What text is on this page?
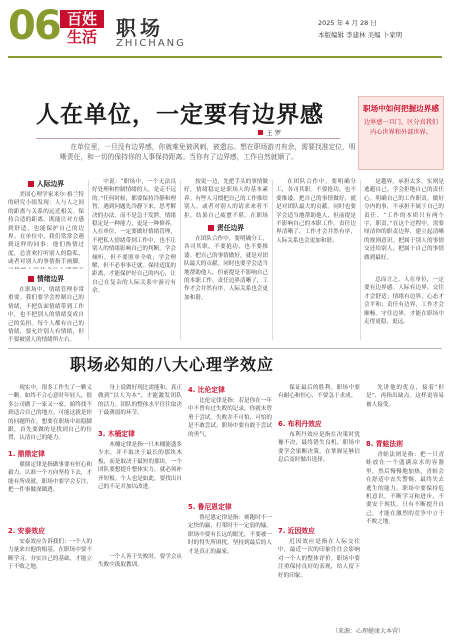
06 百姓
生活 职场
ZHICHANG
2025 年 4 月 28 日
本版编辑 李建林 美编 卜家明
人在单位，一定要有边界感
王 罗
在单位里，一旦没有边界感，你就难免被讽刺，被遗忘。想在职场游刃有余，需要找准定位，明晰责任，和一切的保持你的人事保持距离。当你有了边界感，工作自然就顺了。
职场中如何把握边界感
边界感一旦门，区分真我们内心世界和外部世界。
人际边界

美国心理学家米尔·格兰特的研究小组发现：人与人之间的距离与关系的远近相关。保持合适的距离，既能让对方感到舒适，也能保护自己的边界。在单位中，我们常常会遇到这样的同事：他们热情过度，总喜欢打听别人的隐私，或者对别人的事情指手画脚。

情绪边界

在职场中，情绪管理非常重要。我们要学会控制自己的情绪，不把负面情绪带到工作中，也不把别人的情绪变成自己的负担。每个人都有自己的情绪，要允许别人有情绪，但不要被别人的情绪所左右。

中说：“职场中，一个无法良好处理和控制情绪的人，是走不远的。”任何时候，都要保持冷静和理智，遇到问题先冷静下来，思考解决的办法，而不是急于发泄。情绪稳定是一种能力，更是一种修养。人在单位，一定要做好情绪管理，不把私人情绪带到工作中，也不让别人的情绪影响自己的判断。学会倾听，但不要照单全收；学会理解，但不必事事迁就。保持适度的距离，才能保护好自己的内心，让自己在复杂的人际关系中游刃有余。

按说一边，先把手头的事情做好，情绪稳定是职场人的基本素养。有些人习惯把自己的工作推给别人，或者对别人的请求来者不拒，结果自己疲惫不堪。在职场

责任边界

在团队合作中，要明确分工，各司其职。不要抢功，也不要推诿。把自己的事情做好，就是对团队最大的贡献。同时也要学会适当地帮助他人，但前提是不影响自己的本职工作。责任边界清晰了，工作才会井然有序，人际关系也会更加和谐。

在团队合作中，要明确分工，各司其职。不要抢功，也不要推诿。把自己的事情做好，就是对团队最大的贡献。同时也要学会适当地帮助他人，但前提是不影响自己的本职工作。责任边界清晰了，工作才会井然有序，人际关系也会更加和谐。

是越界。承担太多，实则是逃避自己。学会拒绝自己的责任心。明确自己的工作职责，做好分内的事，不承担不属于自己的责任。“工作的本质只有两个字，职责。”在这个过程中，需要厘清你的职责边界，建立起清晰的规则意识。把属于别人的事情交还给别人，把属于自己的事情做到最好。

总而言之，人在单位，一定要有边界感。人际有边界，交往才会舒适；情绪有边界，心态才会平和；责任有边界，工作才会顺畅。守住边界，才能在职场中走得更稳、更远。

职场必知的八大心理学效应

现实中，很多工作失了一颗义一颗，如终不合心意时年轻人，很多公司做了一家又一家，始终找不到适合自己的地方。可能这就是你的问题所在。想要在职场中站稳脚跟，首先要做的是找到自己的位置，认清自己的能力。

1. 鼎鼎定律

鼎鼎定律是指做事要有恒心和毅力，认准一个方向坚持下去，才能有所成就。职场中要学会专注，把一件事做深做透。

2. 安泰效应

安泰效应告诉我们：一个人的力量来自他的根基。在职场中要不断学习，夯实自己的基础，才能立于不败之地。

身上说做好现比需能和，真正做到“以人为本”，才能激发团队的活力。团队的整体水平往往取决于最薄弱的环节。

3. 木桶定律

木桶定律是指一只木桶能盛多少水，并不取决于最长的那块木板，而是取决于最短的那块。一个团队要想提升整体实力，就必须补齐短板。个人也是如此，要找出自己的不足并加以改进。

一个人善于失败时，要学会从失败中汲取教训。

4. 比伦定律

比伦定律是指：若是你在一年中不曾有过失败的记录，你就未曾勇于尝试。失败并不可怕，可怕的是不敢尝试。职场中要有敢于尝试的勇气。

5. 鲁尼恩定律

鲁尼恩定律是指：赛跑时不一定快的赢，打架时不一定弱的输。职场中要有长远的眼光，不要被一时的得失所困扰。坚持到最后的人才是真正的赢家。

保证最后的胜利。职场中要有耐心和恒心，不要急于求成。

6. 布利丹效应

布利丹效应是指在决策时犹豫不决，最终错失良机。职场中要学会果断决策，在掌握足够信息后及时做出选择。

7. 近因效应

近因效应是指在人际交往中，最近一次的印象往往会影响对一个人的整体评价。职场中要注重保持良好的表现，给人留下好的印象。

先讲他的优点，接着“但是”，再指出缺点。这样更容易被人接受。

8. 青蛙法则

青蛙法则是指：把一只青蛙放在一个盛满凉水的容器里，然后慢慢地加热，青蛙会在舒适中丧失警惕，最终失去逃生的能力。职场中要保持危机意识，不断学习和进步，不要安于现状。只有不断提升自己，才能在激烈的竞争中立于不败之地。

（来源：心理健康大本营）
